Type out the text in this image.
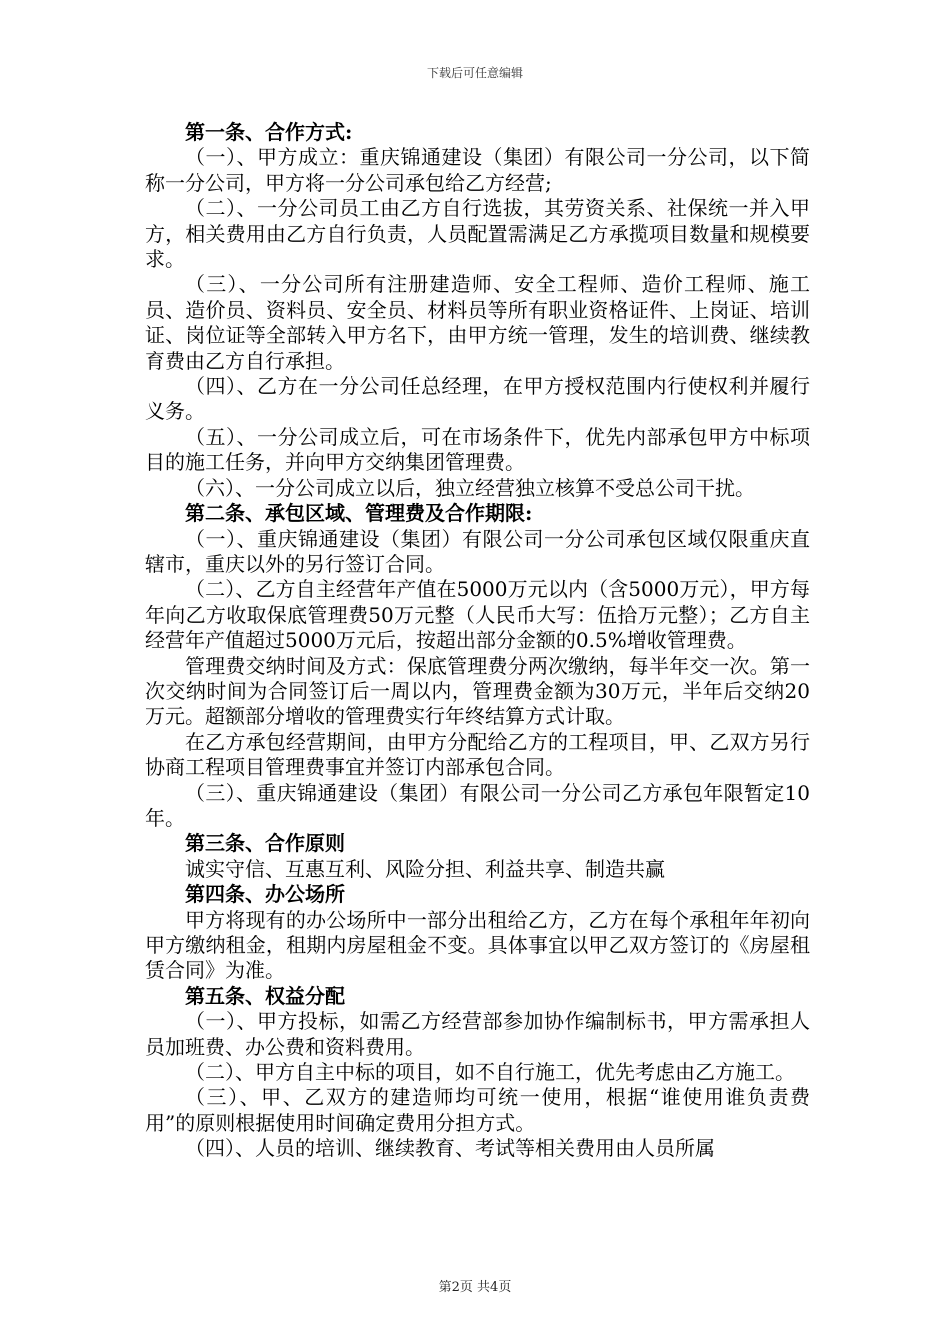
下载后可任意编辑

第一条、合作方式:

（一）、甲方成立：重庆锦通建设（集团）有限公司一分公司，以下简称一分公司，甲方将一分公司承包给乙方经营;

（二）、一分公司员工由乙方自行选拔，其劳资关系、社保统一并入甲方，相关费用由乙方自行负责，人员配置需满足乙方承揽项目数量和规模要求。

（三）、一分公司所有注册建造师、安全工程师、造价工程师、施工员、造价员、资料员、安全员、材料员等所有职业资格证件、上岗证、培训证、岗位证等全部转入甲方名下，由甲方统一管理，发生的培训费、继续教育费由乙方自行承担。

（四）、乙方在一分公司任总经理，在甲方授权范围内行使权利并履行义务。

（五）、一分公司成立后，可在市场条件下，优先内部承包甲方中标项目的施工任务，并向甲方交纳集团管理费。

（六）、一分公司成立以后，独立经营独立核算不受总公司干扰。

第二条、承包区域、管理费及合作期限:

（一）、重庆锦通建设（集团）有限公司一分公司承包区域仅限重庆直辖市，重庆以外的另行签订合同。

（二）、乙方自主经营年产值在5000万元以内（含5000万元），甲方每年向乙方收取保底管理费50万元整（人民币大写：伍拾万元整）；乙方自主经营年产值超过5000万元后，按超出部分金额的0.5%增收管理费。

管理费交纳时间及方式：保底管理费分两次缴纳，每半年交一次。第一次交纳时间为合同签订后一周以内，管理费金额为30万元，半年后交纳20万元。超额部分增收的管理费实行年终结算方式计取。

在乙方承包经营期间，由甲方分配给乙方的工程项目，甲、乙双方另行协商工程项目管理费事宜并签订内部承包合同。

（三）、重庆锦通建设（集团）有限公司一分公司乙方承包年限暂定10年。

第三条、合作原则

诚实守信、互惠互利、风险分担、利益共享、制造共赢

第四条、办公场所

甲方将现有的办公场所中一部分出租给乙方，乙方在每个承租年年初向甲方缴纳租金，租期内房屋租金不变。具体事宜以甲乙双方签订的《房屋租赁合同》为准。

第五条、权益分配

（一）、甲方投标，如需乙方经营部参加协作编制标书，甲方需承担人员加班费、办公费和资料费用。

（二）、甲方自主中标的项目，如不自行施工，优先考虑由乙方施工。

（三）、甲、乙双方的建造师均可统一使用，根据“谁使用谁负责费用”的原则根据使用时间确定费用分担方式。

（四）、人员的培训、继续教育、考试等相关费用由人员所属

第2页 共4页
